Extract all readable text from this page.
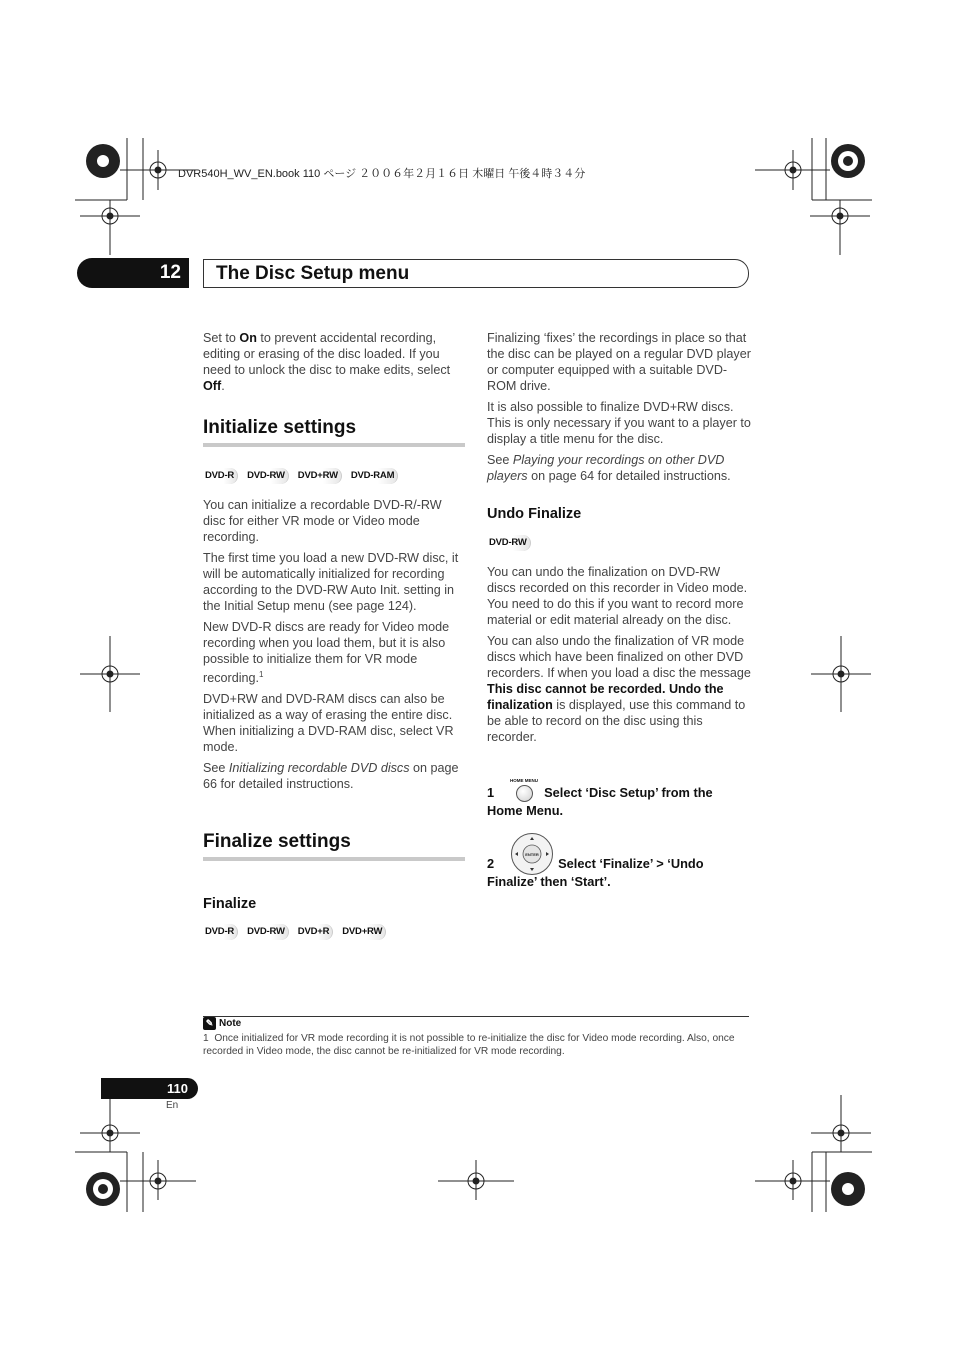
DVR540H_WV_EN.book 110 ページ ２００６年２月１６日 木曜日 午後４時３４分
12	The Disc Setup menu

Set to On to prevent accidental recording, editing or erasing of the disc loaded. If you need to unlock the disc to make edits, select Off.

Initialize settings
DVD-R	DVD-RW	DVD+RW	DVD-RAM

You can initialize a recordable DVD-R/-RW disc for either VR mode or Video mode recording.

The first time you load a new DVD-RW disc, it will be automatically initialized for recording according to the DVD-RW Auto Init. setting in the Initial Setup menu (see page 124).

New DVD-R discs are ready for Video mode recording when you load them, but it is also possible to initialize them for VR mode recording.$^1$

DVD+RW and DVD-RAM discs can also be initialized as a way of erasing the entire disc. When initializing a DVD-RAM disc, select VR mode.

See Initializing recordable DVD discs on page 66 for detailed instructions.

Finalize settings
Finalize
DVD-R	DVD-RW	DVD+R	DVD+RW

Finalizing ‘fixes’ the recordings in place so that the disc can be played on a regular DVD player or computer equipped with a suitable DVD-ROM drive.

It is also possible to finalize DVD+RW discs. This is only necessary if you want to a player to display a title menu for the disc.

See Playing your recordings on other DVD players on page 64 for detailed instructions.

Undo Finalize
DVD-RW

You can undo the finalization on DVD-RW discs recorded on this recorder in Video mode. You need to do this if you want to record more material or edit material already on the disc.

You can also undo the finalization of VR mode discs which have been finalized on other DVD recorders. If when you load a disc the message This disc cannot be recorded. Undo the finalization is displayed, use this command to be able to record on the disc using this recorder.

HOME MENU
1	Select ‘Disc Setup’ from the Home Menu.
ENTER
2	Select ‘Finalize’ > ‘Undo Finalize’ then ‘Start’.
✎ Note
1 Once initialized for VR mode recording it is not possible to re-initialize the disc for Video mode recording. Also, once recorded in Video mode, the disc cannot be re-initialized for VR mode recording.
110
En
